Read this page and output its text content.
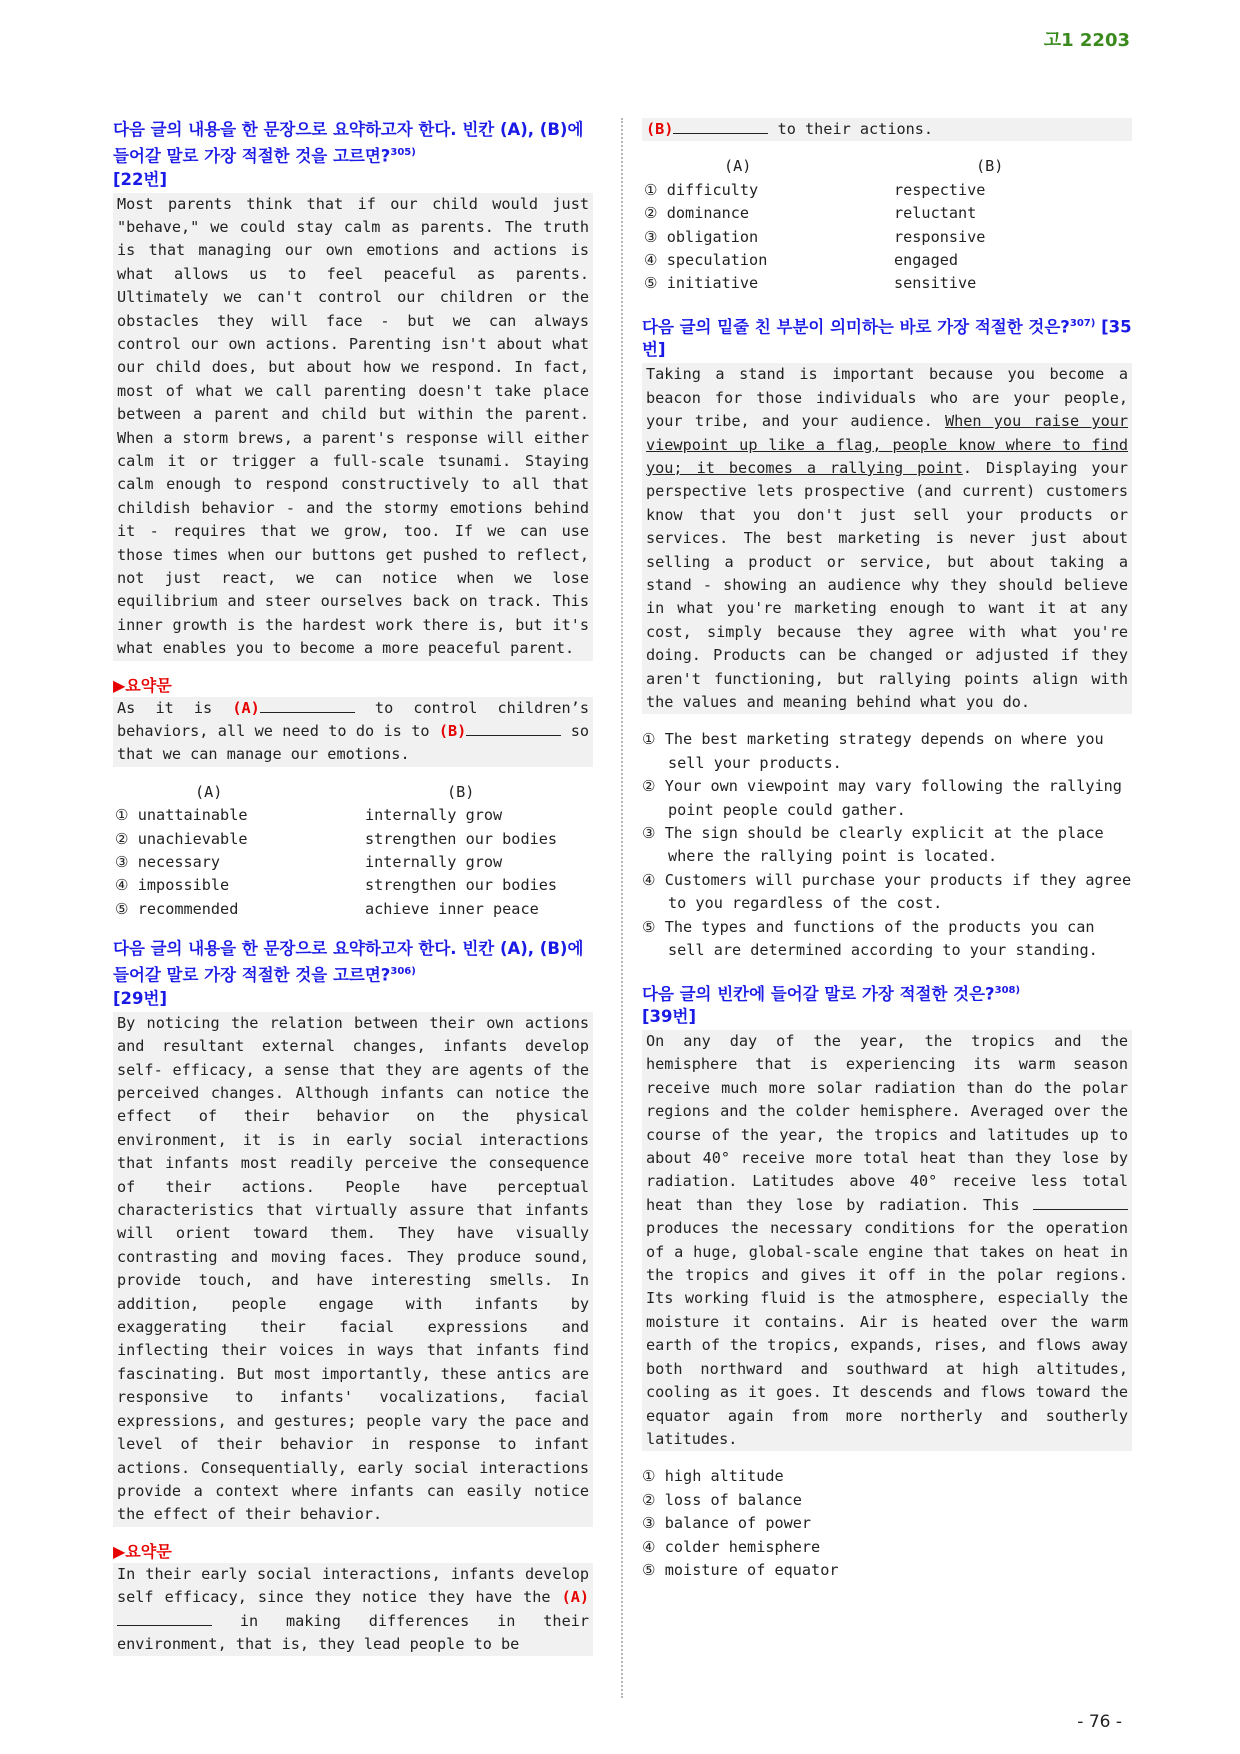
고1 2203

다음 글의 내용을 한 문장으로 요약하고자 한다. 빈칸 (A), (B)에 들어갈 말로 가장 적절한 것을 고르면?$^{305)}$
[22번]

Most parents think that if our child would just "behave," we could stay calm as parents. The truth is that managing our own emotions and actions is what allows us to feel peaceful as parents. Ultimately we can't control our children or the obstacles they will face - but we can always control our own actions. Parenting isn't about what our child does, but about how we respond. In fact, most of what we call parenting doesn't take place between a parent and child but within the parent. When a storm brews, a parent's response will either calm it or trigger a full-scale tsunami. Staying calm enough to respond constructively to all that childish behavior - and the stormy emotions behind it - requires that we grow, too. If we can use those times when our buttons get pushed to reflect, not just react, we can notice when we lose equilibrium and steer ourselves back on track. This inner growth is the hardest work there is, but it's what enables you to become a more peaceful parent.
▶요약문
As it is (A)	to control children’s behaviors, all we need to do is to (B)	so that we can manage our emotions.
(A)	(B)
① unattainable	internally grow
② unachievable	strengthen our bodies
③ necessary	internally grow
④ impossible	strengthen our bodies
⑤ recommended	achieve inner peace

다음 글의 내용을 한 문장으로 요약하고자 한다. 빈칸 (A), (B)에 들어갈 말로 가장 적절한 것을 고르면?$^{306)}$
[29번]

By noticing the relation between their own actions and resultant external changes, infants develop self- efficacy, a sense that they are agents of the perceived changes. Although infants can notice the effect of their behavior on the physical environment, it is in early social interactions that infants most readily perceive the consequence of their actions. People have perceptual characteristics that virtually assure that infants will orient toward them. They have visually contrasting and moving faces. They produce sound, provide touch, and have interesting smells. In addition, people engage with infants by exaggerating their facial expressions and inflecting their voices in ways that infants find fascinating. But most importantly, these antics are responsive to infants' vocalizations, facial expressions, and gestures; people vary the pace and level of their behavior in response to infant actions. Consequentially, early social interactions provide a context where infants can easily notice the effect of their behavior.
▶요약문
In their early social interactions, infants develop self efficacy, since they notice they have the (A) in making differences in their environment, that is, they lead people to be
(B)	to their actions.
(A)	(B)
① difficulty	respective
② dominance	reluctant
③ obligation	responsive
④ speculation	engaged
⑤ initiative	sensitive

다음 글의 밑줄 친 부분이 의미하는 바로 가장 적절한 것은?$^{307)}$ [35번]

Taking a stand is important because you become a beacon for those individuals who are your people, your tribe, and your audience. When you raise your viewpoint up like a flag, people know where to find you; it becomes a rallying point. Displaying your perspective lets prospective (and current) customers know that you don't just sell your products or services. The best marketing is never just about selling a product or service, but about taking a stand - showing an audience why they should believe in what you're marketing enough to want it at any cost, simply because they agree with what you're doing. Products can be changed or adjusted if they aren't functioning, but rallying points align with the values and meaning behind what you do.
① The best marketing strategy depends on where you sell your products.
② Your own viewpoint may vary following the rallying point people could gather.
③ The sign should be clearly explicit at the place where the rallying point is located.
④ Customers will purchase your products if they agree to you regardless of the cost.
⑤ The types and functions of the products you can sell are determined according to your standing.

다음 글의 빈칸에 들어갈 말로 가장 적절한 것은?$^{308)}$
[39번]

On any day of the year, the tropics and the hemisphere that is experiencing its warm season receive much more solar radiation than do the polar regions and the colder hemisphere. Averaged over the course of the year, the tropics and latitudes up to about 40° receive more total heat than they lose by radiation. Latitudes above 40° receive less total heat than they lose by radiation. This  produces the necessary conditions for the operation of a huge, global-scale engine that takes on heat in the tropics and gives it off in the polar regions. Its working fluid is the atmosphere, especially the moisture it contains. Air is heated over the warm earth of the tropics, expands, rises, and flows away both northward and southward at high altitudes, cooling as it goes. It descends and flows toward the equator again from more northerly and southerly latitudes.
① high altitude
② loss of balance
③ balance of power
④ colder hemisphere
⑤ moisture of equator
- 76 -
